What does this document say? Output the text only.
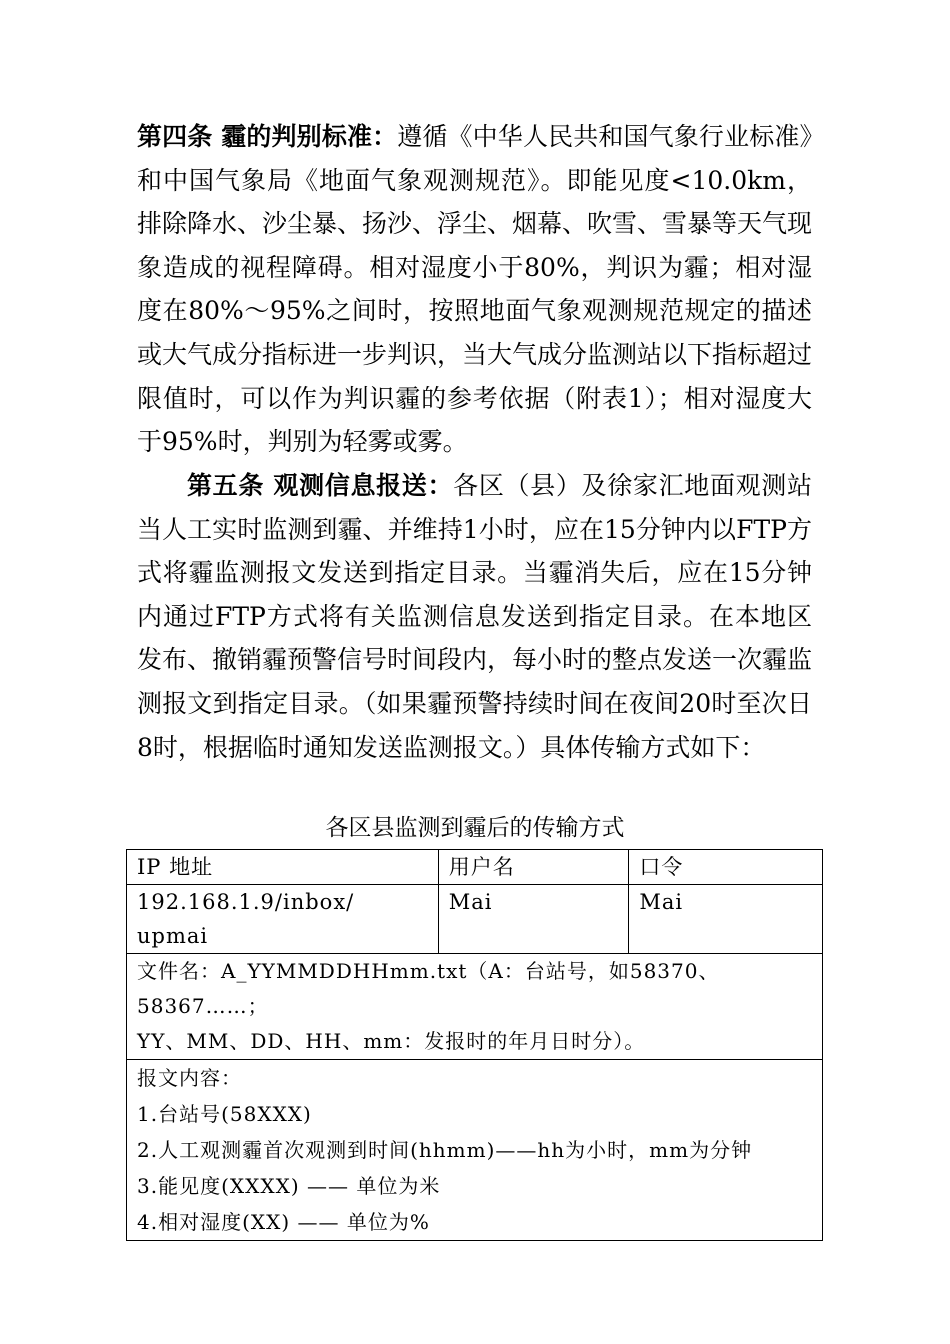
第四条 霾的判别标准：遵循《中华人民共和国气象行业标准》和中国气象局《地面气象观测规范》。即能见度<10.0km，排除降水、沙尘暴、扬沙、浮尘、烟幕、吹雪、雪暴等天气现象造成的视程障碍。相对湿度小于80%，判识为霾；相对湿度在80%～95%之间时，按照地面气象观测规范规定的描述或大气成分指标进一步判识，当大气成分监测站以下指标超过限值时，可以作为判识霾的参考依据（附表1）；相对湿度大于95%时，判别为轻雾或雾。

第五条 观测信息报送：各区（县）及徐家汇地面观测站当人工实时监测到霾、并维持1小时，应在15分钟内以FTP方式将霾监测报文发送到指定目录。当霾消失后，应在15分钟内通过FTP方式将有关监测信息发送到指定目录。在本地区发布、撤销霾预警信号时间段内，每小时的整点发送一次霾监测报文到指定目录。（如果霾预警持续时间在夜间20时至次日8时，根据临时通知发送监测报文。）具体传输方式如下：

各区县监测到霾后的传输方式
IP 地址	用户名	口令

192.168.1.9/inbox/
upmai	Mai	Mai

文件名：A_YYMMDDHHmm.txt（A：台站号，如58370、58367……；
YY、MM、DD、HH、mm：发报时的年月日时分）。		

报文内容：
1.台站号(58XXX)
2.人工观测霾首次观测到时间(hhmm)——hh为小时，mm为分钟
3.能见度(XXXX) —— 单位为米
4.相对湿度(XX) —— 单位为%		
